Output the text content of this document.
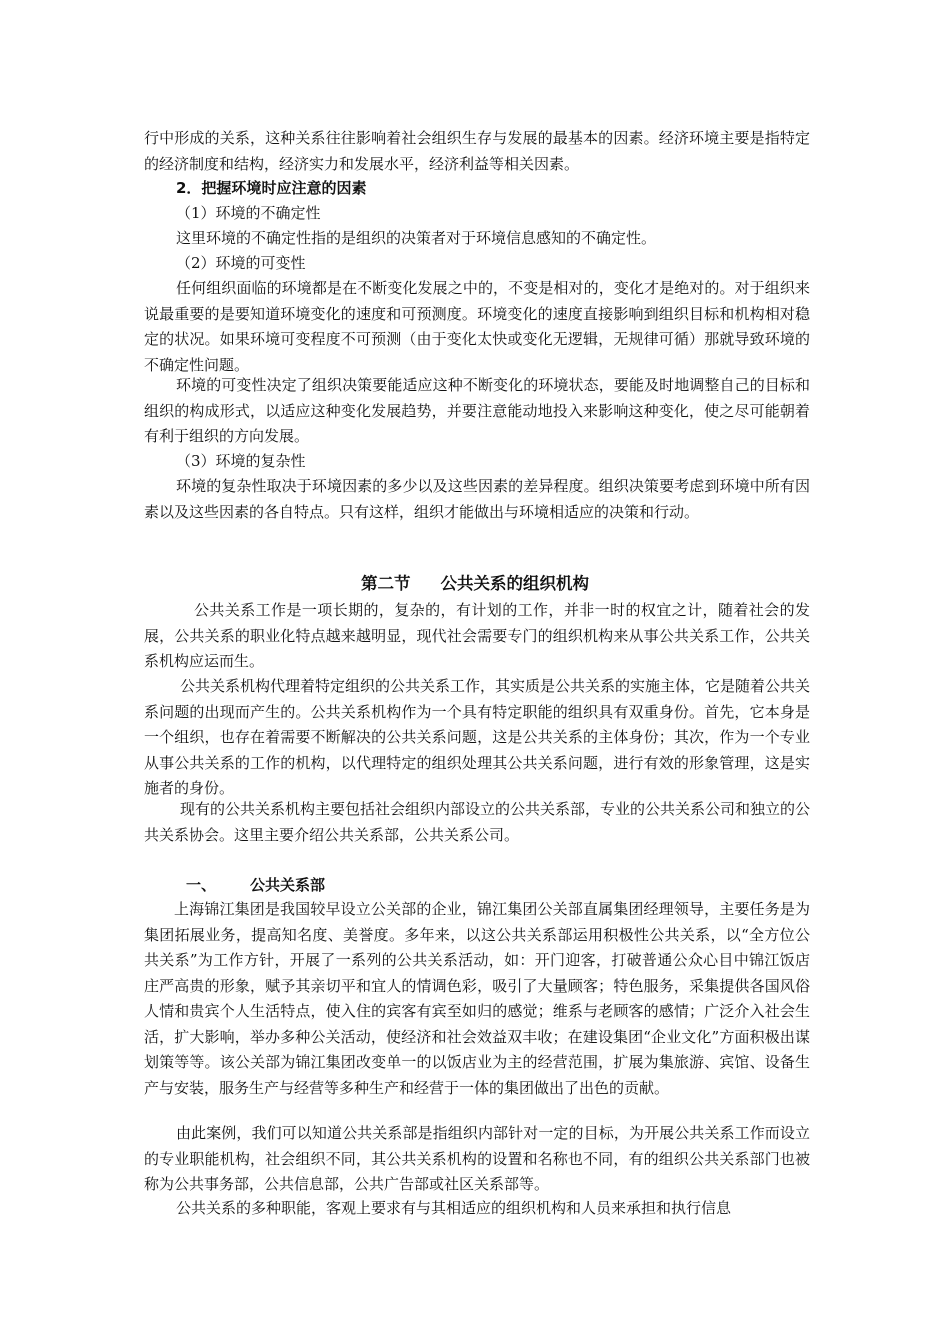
行中形成的关系，这种关系往往影响着社会组织生存与发展的最基本的因素。经济环境主要是指特定的经济制度和结构，经济实力和发展水平，经济利益等相关因素。

2．把握环境时应注意的因素

（1）环境的不确定性

这里环境的不确定性指的是组织的决策者对于环境信息感知的不确定性。

（2）环境的可变性

任何组织面临的环境都是在不断变化发展之中的，不变是相对的，变化才是绝对的。对于组织来说最重要的是要知道环境变化的速度和可预测度。环境变化的速度直接影响到组织目标和机构相对稳定的状况。如果环境可变程度不可预测（由于变化太快或变化无逻辑，无规律可循）那就导致环境的不确定性问题。

环境的可变性决定了组织决策要能适应这种不断变化的环境状态，要能及时地调整自己的目标和组织的构成形式，以适应这种变化发展趋势，并要注意能动地投入来影响这种变化，使之尽可能朝着有利于组织的方向发展。

（3）环境的复杂性

环境的复杂性取决于环境因素的多少以及这些因素的差异程度。组织决策要考虑到环境中所有因素以及这些因素的各自特点。只有这样，组织才能做出与环境相适应的决策和行动。

第二节 公共关系的组织机构

公共关系工作是一项长期的，复杂的，有计划的工作，并非一时的权宜之计，随着社会的发展，公共关系的职业化特点越来越明显，现代社会需要专门的组织机构来从事公共关系工作，公共关系机构应运而生。

公共关系机构代理着特定组织的公共关系工作，其实质是公共关系的实施主体，它是随着公共关系问题的出现而产生的。公共关系机构作为一个具有特定职能的组织具有双重身份。首先，它本身是一个组织，也存在着需要不断解决的公共关系问题，这是公共关系的主体身份；其次，作为一个专业从事公共关系的工作的机构，以代理特定的组织处理其公共关系问题，进行有效的形象管理，这是实施者的身份。

现有的公共关系机构主要包括社会组织内部设立的公共关系部，专业的公共关系公司和独立的公共关系协会。这里主要介绍公共关系部，公共关系公司。

一、 公共关系部

上海锦江集团是我国较早设立公关部的企业，锦江集团公关部直属集团经理领导，主要任务是为集团拓展业务，提高知名度、美誉度。多年来，以这公共关系部运用积极性公共关系，以“全方位公共关系”为工作方针，开展了一系列的公共关系活动，如：开门迎客，打破普通公众心目中锦江饭店庄严高贵的形象，赋予其亲切平和宜人的情调色彩，吸引了大量顾客；特色服务，采集提供各国风俗人情和贵宾个人生活特点，使入住的宾客有宾至如归的感觉；维系与老顾客的感情；广泛介入社会生活，扩大影响，举办多种公关活动，使经济和社会效益双丰收；在建设集团“企业文化”方面积极出谋划策等等。该公关部为锦江集团改变单一的以饭店业为主的经营范围，扩展为集旅游、宾馆、设备生产与安装，服务生产与经营等多种生产和经营于一体的集团做出了出色的贡献。

由此案例，我们可以知道公共关系部是指组织内部针对一定的目标，为开展公共关系工作而设立的专业职能机构，社会组织不同，其公共关系机构的设置和名称也不同，有的组织公共关系部门也被称为公共事务部，公共信息部，公共广告部或社区关系部等。

公共关系的多种职能，客观上要求有与其相适应的组织机构和人员来承担和执行信息
